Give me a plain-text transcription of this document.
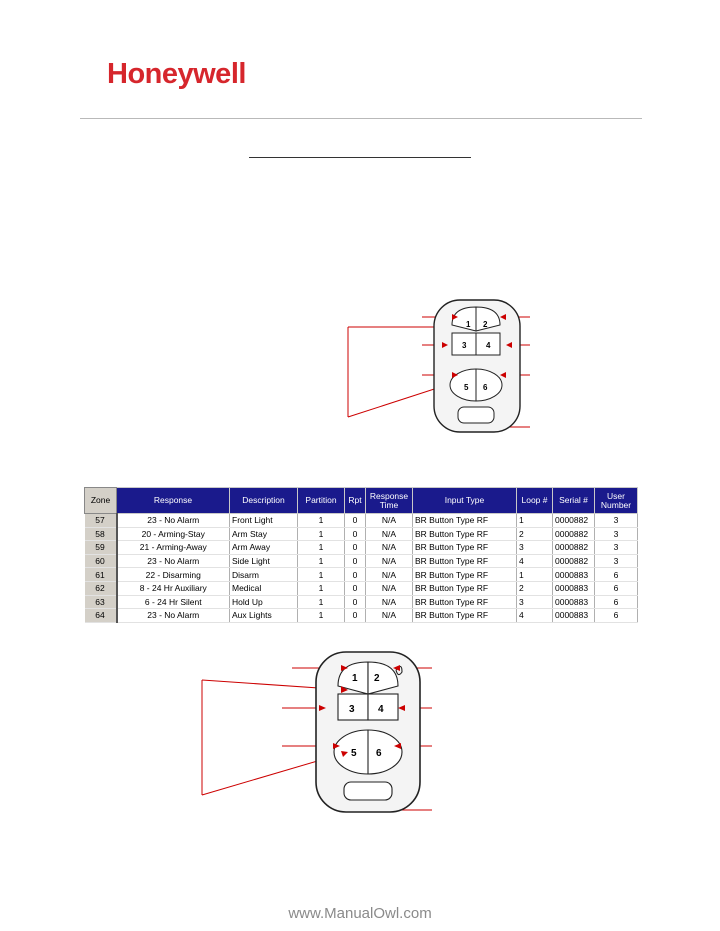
Honeywell
1 2
3 4
5 6
Zone	Response	Description	Partition	Rpt	Response Time	Input Type	Loop #	Serial #	User Number
57	23 - No Alarm	Front Light	1	0	N/A	BR Button Type RF	1	0000882	3
58	20 - Arming-Stay	Arm Stay	1	0	N/A	BR Button Type RF	2	0000882	3
59	21 - Arming-Away	Arm Away	1	0	N/A	BR Button Type RF	3	0000882	3
60	23 - No Alarm	Side Light	1	0	N/A	BR Button Type RF	4	0000882	3
61	22 - Disarming	Disarm	1	0	N/A	BR Button Type RF	1	0000883	6
62	8 - 24 Hr Auxiliary	Medical	1	0	N/A	BR Button Type RF	2	0000883	6
63	6 - 24 Hr Silent	Hold Up	1	0	N/A	BR Button Type RF	3	0000883	6
64	23 - No Alarm	Aux Lights	1	0	N/A	BR Button Type RF	4	0000883	6
1 2
3 4
5 6
www.ManualOwl.com
